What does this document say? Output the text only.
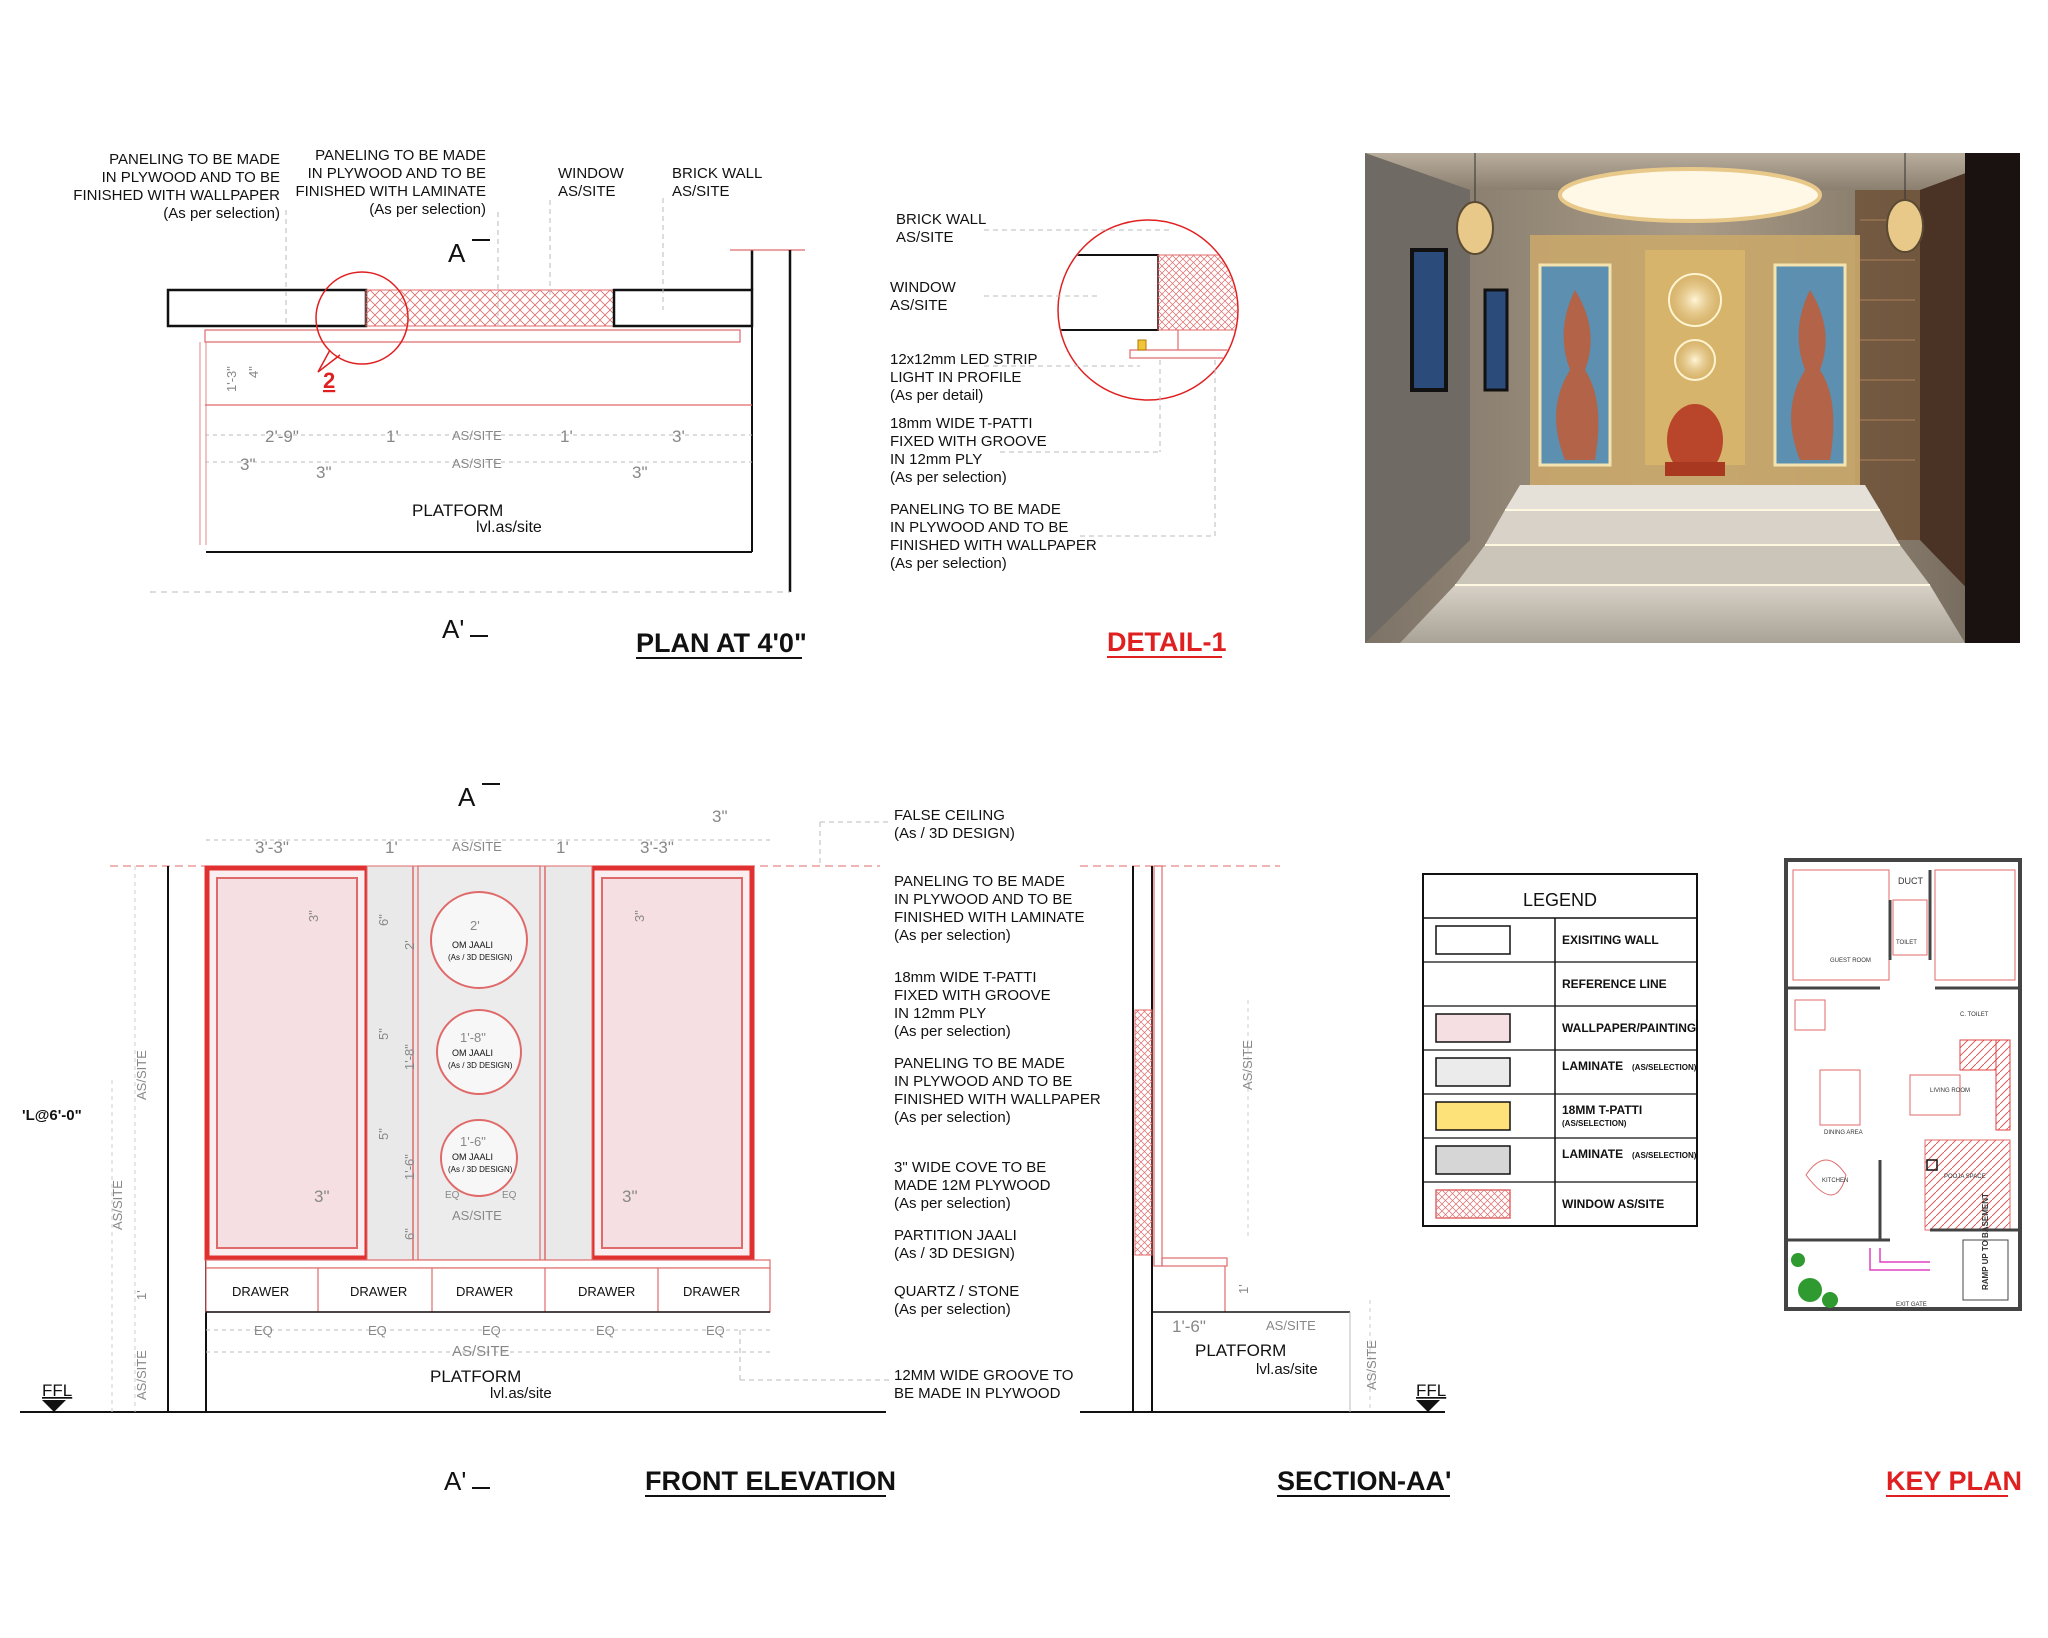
2
A
A'
A
A'
PANELING TO BE MADE
IN PLYWOOD AND TO BE
FINISHED WITH WALLPAPER
(As per selection)
PANELING TO BE MADE
IN PLYWOOD AND TO BE
FINISHED WITH LAMINATE
(As per selection)
WINDOW
AS/SITE
BRICK WALL
AS/SITE
2'-9"	1'	AS/SITE	1'	3'
3"	3"	AS/SITE	3"
1'-3" 4"
PLATFORM
lvl.as/site
PLAN AT 4'0"
BRICK WALL
AS/SITE
WINDOW
AS/SITE
12x12mm LED STRIP
LIGHT IN PROFILE
(As per detail)
18mm WIDE T-PATTI
FIXED WITH GROOVE
IN 12mm PLY
(As per selection)
PANELING TO BE MADE
IN PLYWOOD AND TO BE
FINISHED WITH WALLPAPER
(As per selection)
DETAIL-1
3'-3"	1'	AS/SITE	1'	3'-3"
3"
3"	3"
3"	3"
6"
2'
5"
1'-8"
5"
1'-6"
6"
EQ	EQ
AS/SITE
2'
OM JAALI
(As / 3D DESIGN)
1'-8"
OM JAALI
(As / 3D DESIGN)
1'-6"
OM JAALI
(As / 3D DESIGN)
DRAWER	DRAWER	DRAWER	DRAWER	DRAWER
EQ	EQ	EQ	EQ	EQ
AS/SITE
PLATFORM
lvl.as/site
AS/SITE
AS/SITE
1'
AS/SITE
'L@6'-0"
FFL
FALSE CEILING
(As / 3D DESIGN)
PANELING TO BE MADE
IN PLYWOOD AND TO BE
FINISHED WITH LAMINATE
(As per selection)
18mm WIDE T-PATTI
FIXED WITH GROOVE
IN 12mm PLY
(As per selection)
PANELING TO BE MADE
IN PLYWOOD AND TO BE
FINISHED WITH WALLPAPER
(As per selection)
3" WIDE COVE TO BE
MADE 12M PLYWOOD
(As per selection)
PARTITION JAALI
(As / 3D DESIGN)
QUARTZ / STONE
(As per selection)
12MM WIDE GROOVE TO
BE MADE IN PLYWOOD
FRONT ELEVATION
1'-6"	AS/SITE
AS/SITE
AS/SITE
1'
PLATFORM
lvl.as/site
FFL
SECTION-AA'
LEGEND
EXISITING WALL
REFERENCE LINE
WALLPAPER/PAINTING
LAMINATE (AS/SELECTION)
18MM T-PATTI
(AS/SELECTION)
LAMINATE (AS/SELECTION)
WINDOW AS/SITE
DUCT
TOILET
GUEST ROOM
LIVING ROOM
DINING AREA
KITCHEN
POOJA SPACE
RAMP UP TO BASEMENT
EXIT GATE
C. TOILET
KEY PLAN
